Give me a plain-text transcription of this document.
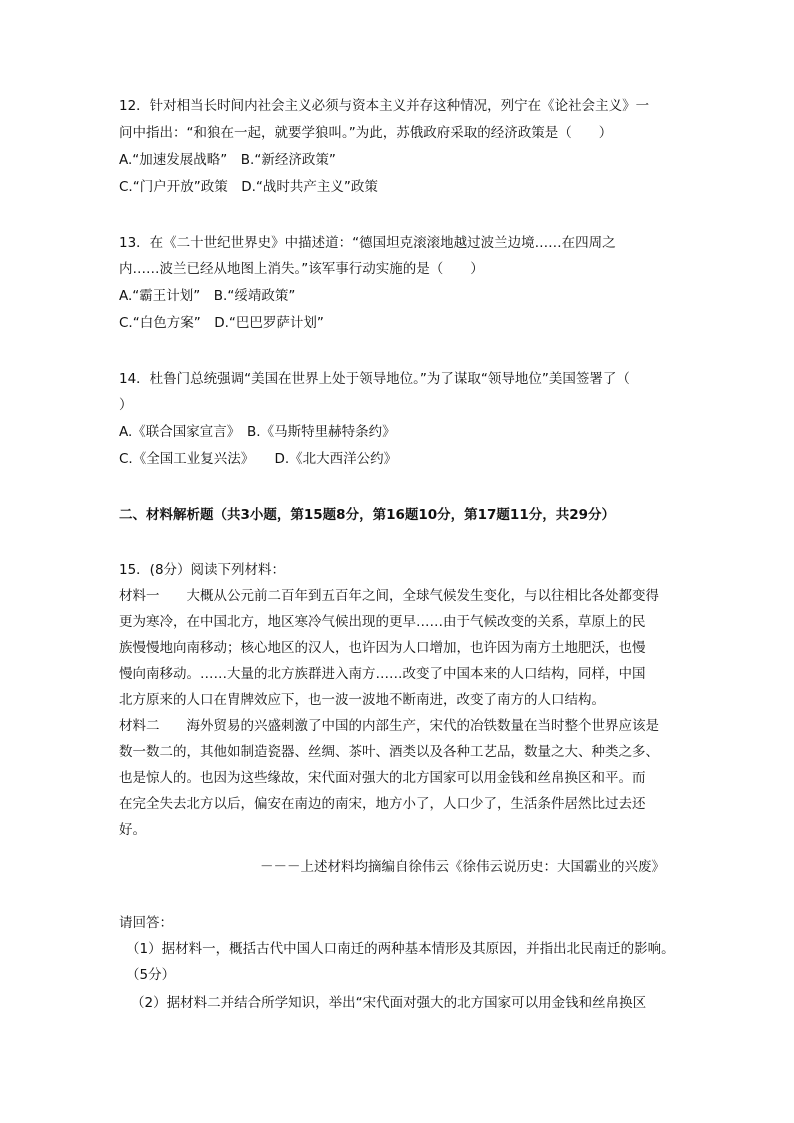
12．针对相当长时间内社会主义必须与资本主义并存这种情况，列宁在《论社会主义》一
问中指出：“和狼在一起，就要学狼叫。”为此，苏俄政府采取的经济政策是（　　）
A.“加速发展战略”　B.“新经济政策”
C.“门户开放”政策　D.“战时共产主义”政策
13．在《二十世纪世界史》中描述道：“德国坦克滚滚地越过波兰边境……在四周之
内……波兰已经从地图上消失。”该军事行动实施的是（　　）
A.“霸王计划”　B.“绥靖政策”
C.“白色方案”　D.“巴巴罗萨计划”
14．杜鲁门总统强调“美国在世界上处于领导地位。”为了谋取“领导地位”美国签署了（
）
A.《联合国家宣言》　B.《马斯特里赫特条约》
C.《全国工业复兴法》　　D.《北大西洋公约》
二、材料解析题（共3小题，第15题8分，第16题10分，第17题11分，共29分）
15．(8分）阅读下列材料：
材料一　　大概从公元前二百年到五百年之间，全球气候发生变化，与以往相比各处都变得
更为寒冷，在中国北方，地区寒冷气候出现的更早……由于气候改变的关系，草原上的民
族慢慢地向南移动；核心地区的汉人，也许因为人口增加，也许因为南方土地肥沃，也慢
慢向南移动。……大量的北方族群进入南方……改变了中国本来的人口结构，同样，中国
北方原来的人口在胄牌效应下，也一波一波地不断南进，改变了南方的人口结构。
材料二　　海外贸易的兴盛刺激了中国的内部生产，宋代的冶铁数量在当时整个世界应该是
数一数二的，其他如制造瓷器、丝绸、茶叶、酒类以及各种工艺品，数量之大、种类之多、
也是惊人的。也因为这些缘故，宋代面对强大的北方国家可以用金钱和丝帛换区和平。而
在完全失去北方以后，偏安在南边的南宋，地方小了，人口少了，生活条件居然比过去还
好。
－－－上述材料均摘编自徐伟云《徐伟云说历史：大国霸业的兴废》
请回答：
（1）据材料一，概括古代中国人口南迁的两种基本情形及其原因，并指出北民南迁的影响。
（5分）
（2）据材料二并结合所学知识，举出“宋代面对强大的北方国家可以用金钱和丝帛换区
